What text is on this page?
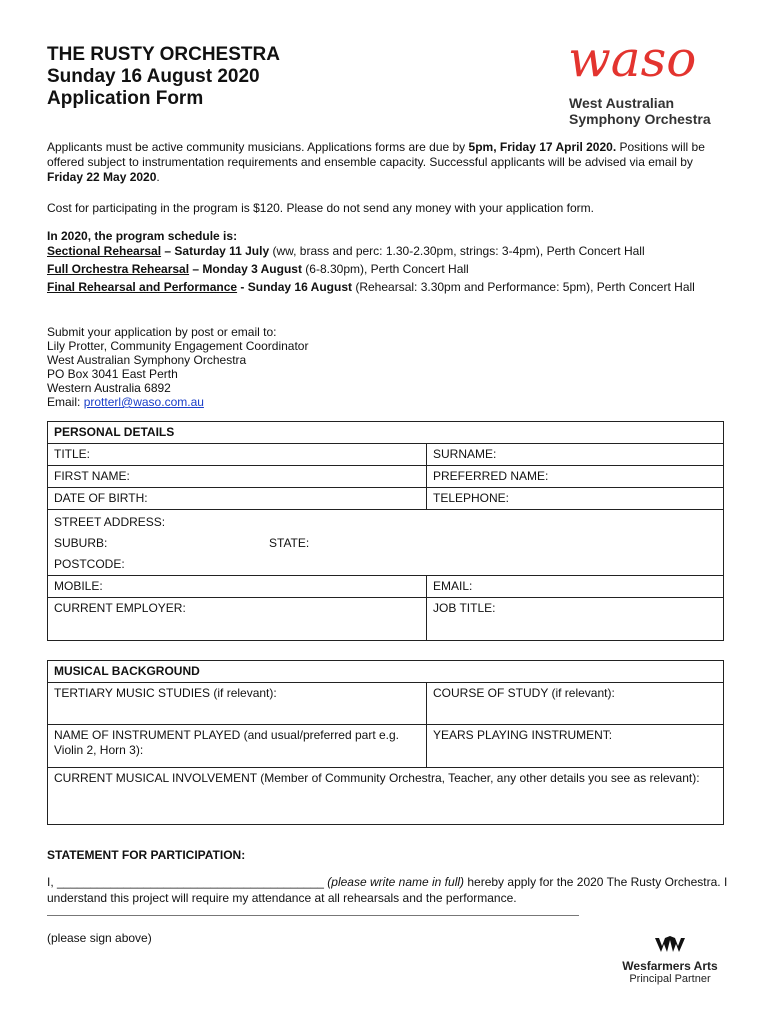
THE RUSTY ORCHESTRA
Sunday 16 August 2020
Application Form
waso
West Australian
Symphony Orchestra
Applicants must be active community musicians. Applications forms are due by 5pm, Friday 17 April 2020. Positions will be offered subject to instrumentation requirements and ensemble capacity. Successful applicants will be advised via email by Friday 22 May 2020.
Cost for participating in the program is $120. Please do not send any money with your application form.
In 2020, the program schedule is:
Sectional Rehearsal – Saturday 11 July (ww, brass and perc: 1.30-2.30pm, strings: 3-4pm), Perth Concert Hall
Full Orchestra Rehearsal – Monday 3 August (6-8.30pm), Perth Concert Hall
Final Rehearsal and Performance - Sunday 16 August (Rehearsal: 3.30pm and Performance: 5pm), Perth Concert Hall
Submit your application by post or email to:
Lily Protter, Community Engagement Coordinator
West Australian Symphony Orchestra
PO Box 3041 East Perth
Western Australia 6892
Email: protterl@waso.com.au
PERSONAL DETAILS	
TITLE:	SURNAME:
FIRST NAME:	PREFERRED NAME:
DATE OF BIRTH:	TELEPHONE:

STREET ADDRESS:
SUBURB: STATE:
POSTCODE:	

MOBILE:	EMAIL:
CURRENT EMPLOYER:	JOB TITLE:
MUSICAL BACKGROUND	
TERTIARY MUSIC STUDIES (if relevant):	COURSE OF STUDY (if relevant):
NAME OF INSTRUMENT PLAYED (and usual/preferred part e.g. Violin 2, Horn 3):	YEARS PLAYING INSTRUMENT:
CURRENT MUSICAL INVOLVEMENT (Member of Community Orchestra, Teacher, any other details you see as relevant):	
STATEMENT FOR PARTICIPATION:
I, ________________________________________ (please write name in full) hereby apply for the 2020 The Rusty Orchestra. I understand this project will require my attendance at all rehearsals and the performance.
(please sign above)
Wesfarmers Arts
Principal Partner
